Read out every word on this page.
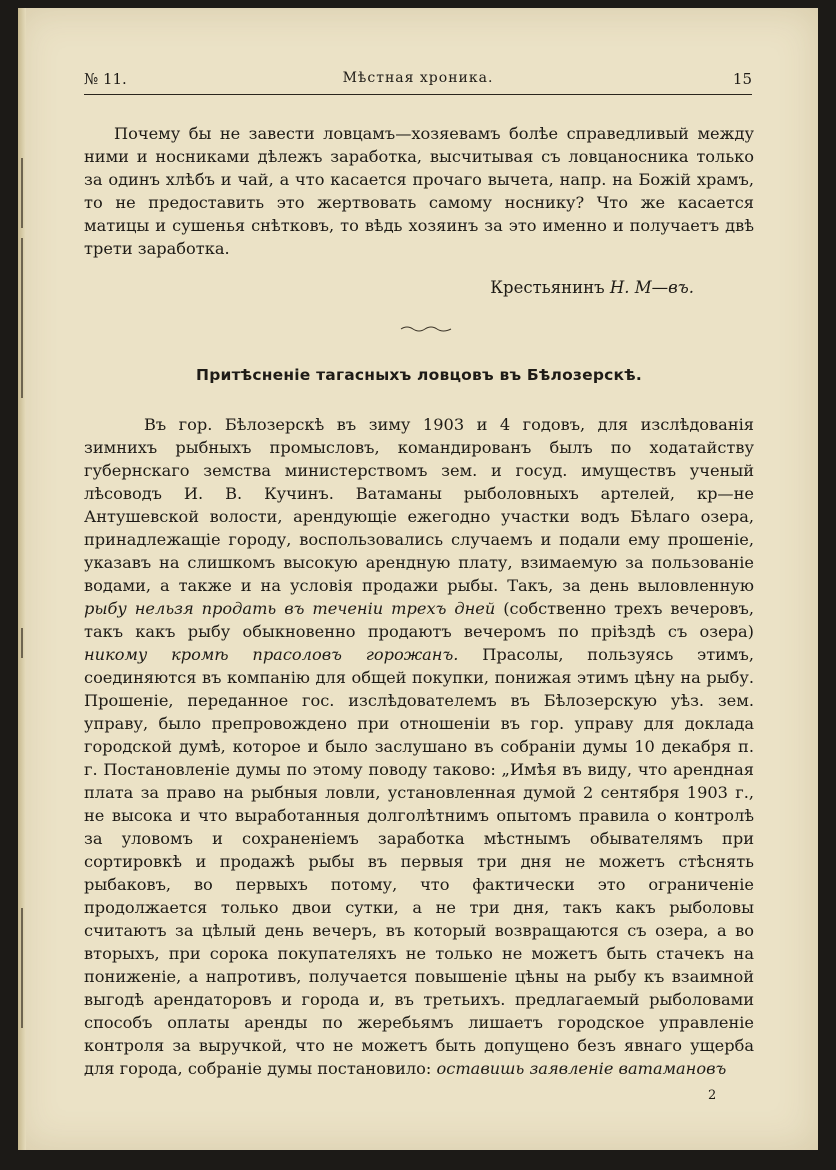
№ 11.	Мѣстная хроника.	15

Почему бы не завести ловцамъ—хозяевамъ болѣе справедливый между ними и носниками дѣлежъ заработка, высчитывая съ ловцаносника только за одинъ хлѣбъ и чай, а что касается прочаго вычета, напр. на Божій храмъ, то не предоставить это жертвовать самому носнику? Что же касается матицы и сушенья снѣтковъ, то вѣдь хозяинъ за это именно и получаетъ двѣ трети заработка.

Крестьянинъ Н. М—въ.
Притѣсненіе тагасныхъ ловцовъ въ Бѣлозерскѣ.

Въ гор. Бѣлозерскѣ въ зиму 1903 и 4 годовъ, для изслѣдованія зимнихъ рыбныхъ промысловъ, командированъ былъ по ходатайству губернскаго земства министерствомъ зем. и госуд. имуществъ ученый лѣсоводъ И. В. Кучинъ. Ватаманы рыболовныхъ артелей, кр—не Антушевской волости, арендующіе ежегодно участки водъ Бѣлаго озера, принадлежащіе городу, воспользовались случаемъ и подали ему прошеніе, указавъ на слишкомъ высокую арендную плату, взимаемую за пользованіе водами, а также и на условія продажи рыбы. Такъ, за день выловленную рыбу нельзя продать въ теченіи трехъ дней (собственно трехъ вечеровъ, такъ какъ рыбу обыкновенно продаютъ вечеромъ по пріѣздѣ съ озера) никому кромѣ прасоловъ горожанъ. Прасолы, пользуясь этимъ, соединяются въ компанію для общей покупки, понижая этимъ цѣну на рыбу. Прошеніе, переданное гос. изслѣдователемъ въ Бѣлозерскую уѣз. зем. управу, было препровождено при отношеніи въ гор. управу для доклада городской думѣ, которое и было заслушано въ собраніи думы 10 декабря п. г. Постановленіе думы по этому поводу таково: „Имѣя въ виду, что арендная плата за право на рыбныя ловли, установленная думой 2 сентября 1903 г., не высока и что выработанныя долголѣтнимъ опытомъ правила о контролѣ за уловомъ и сохраненіемъ заработка мѣстнымъ обывателямъ при сортировкѣ и продажѣ рыбы въ первыя три дня не можетъ стѣснять рыбаковъ, во первыхъ потому, что фактически это ограниченіе продолжается только двои сутки, а не три дня, такъ какъ рыболовы считаютъ за цѣлый день вечеръ, въ который возвращаются съ озера, а во вторыхъ, при сорока покупателяхъ не только не можетъ быть стачекъ на пониженіе, а напротивъ, получается повышеніе цѣны на рыбу къ взаимной выгодѣ арендаторовъ и города и, въ третьихъ. предлагаемый рыболовами способъ оплаты аренды по жеребьямъ лишаетъ городское управленіе контроля за выручкой, что не можетъ быть допущено безъ явнаго ущерба для города, собраніе думы постановило: оставишь заявленіе ватамановъ

2
